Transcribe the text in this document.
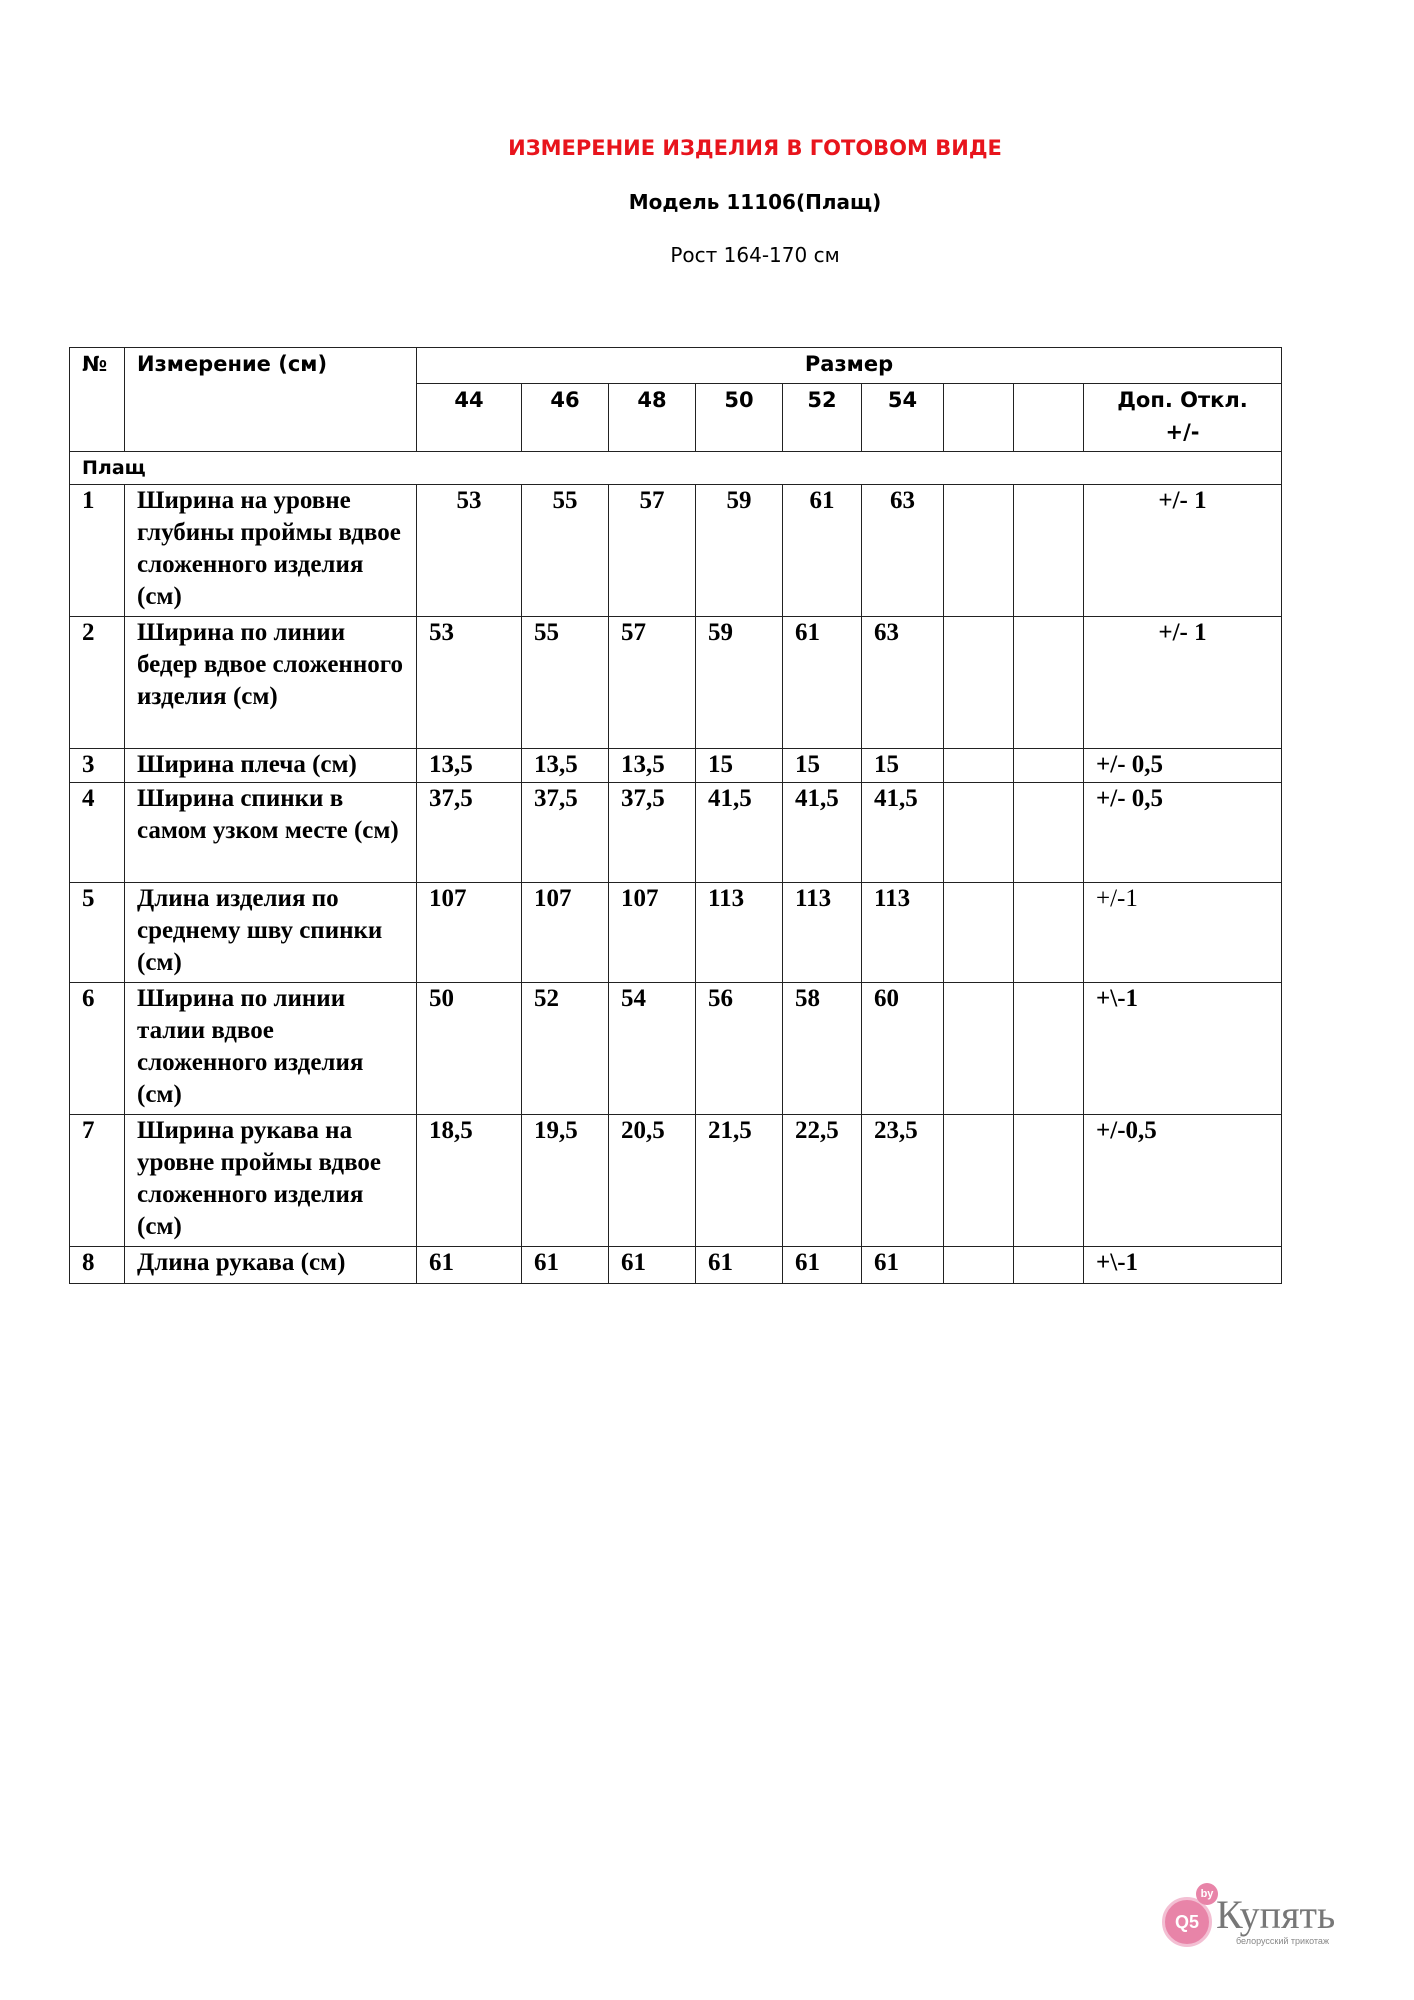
ИЗМЕРЕНИЕ ИЗДЕЛИЯ В ГОТОВОМ ВИДЕ
Модель 11106(Плащ)
Рост 164-170 см
№	Измерение (см)	Размер								
		44	46	48	50	52	54			Доп. Откл.
+/-

Плащ										
1	Ширина на уровне глубины проймы вдвое сложенного изделия (см)	53	55	57	59	61	63			+/- 1
2	Ширина по линии бедер вдвое сложенного изделия (см)	53	55	57	59	61	63			+/- 1
3	Ширина плеча (см)	13,5	13,5	13,5	15	15	15			+/- 0,5
4	Ширина спинки в самом узком месте (см)	37,5	37,5	37,5	41,5	41,5	41,5			+/- 0,5
5	Длина изделия по среднему шву спинки (см)	107	107	107	113	113	113			+/-1
6	Ширина по линии талии вдвое сложенного изделия (см)	50	52	54	56	58	60			+\-1
7	Ширина рукава на уровне проймы вдвое сложенного изделия (см)	18,5	19,5	20,5	21,5	22,5	23,5			+/-0,5
8	Длина рукава (см)	61	61	61	61	61	61			+\-1
Q5
by Купять
белорусский трикотаж
